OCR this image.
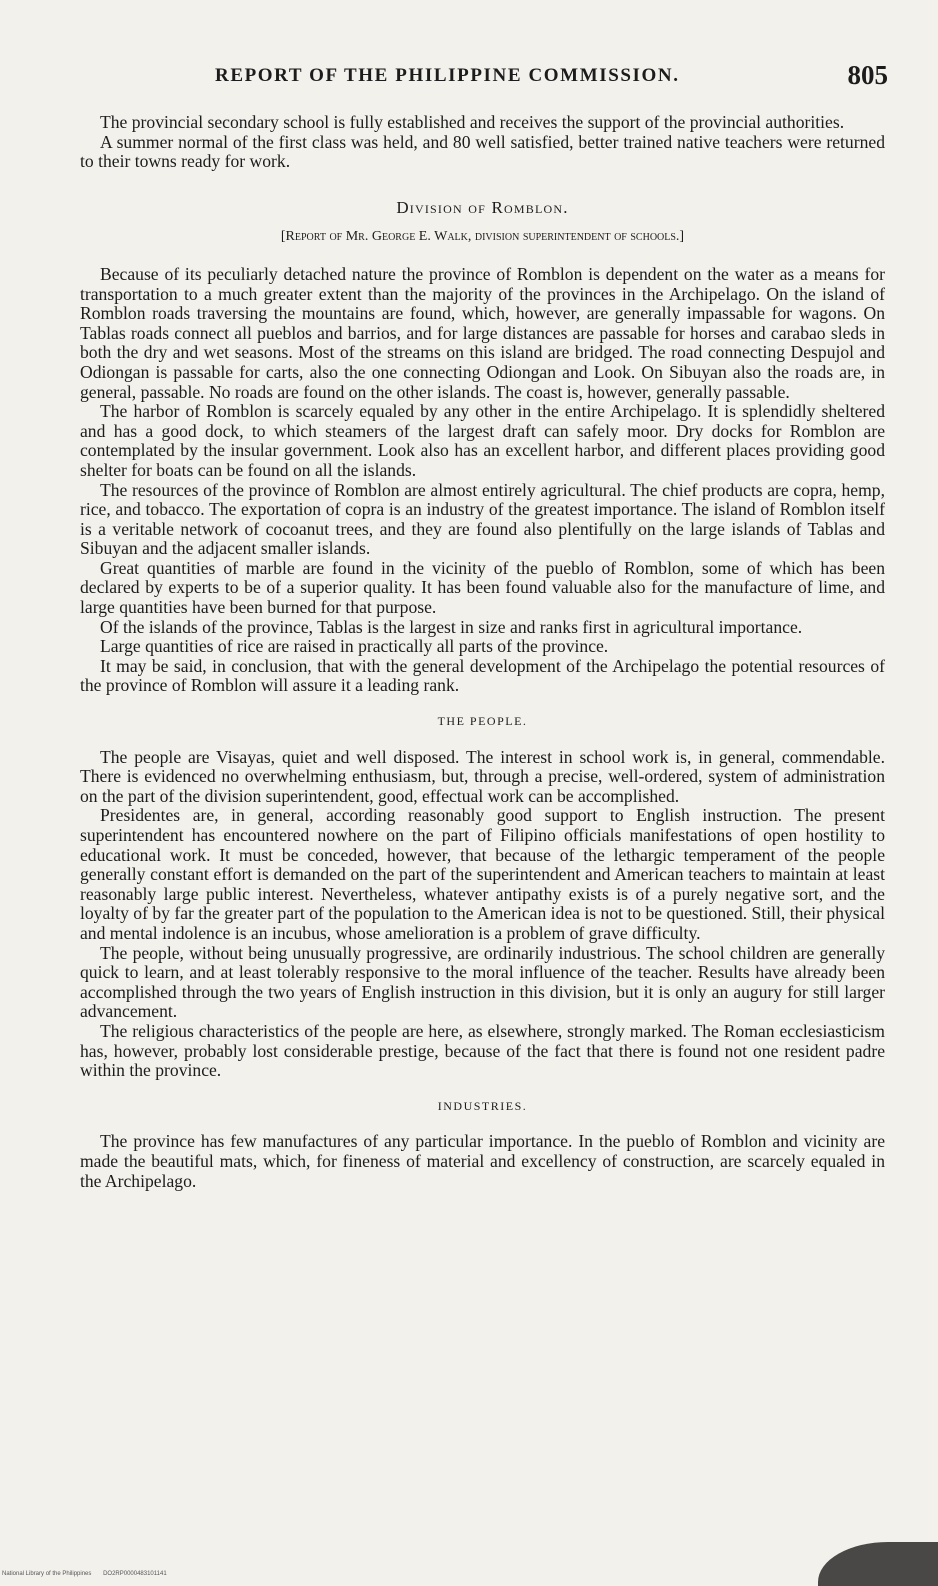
REPORT OF THE PHILIPPINE COMMISSION.	805

The provincial secondary school is fully established and receives the support of the provincial authorities.

A summer normal of the first class was held, and 80 well satisfied, better trained native teachers were returned to their towns ready for work.

Division of Romblon.

[Report of Mr. George E. Walk, division superintendent of schools.]

Because of its peculiarly detached nature the province of Romblon is dependent on the water as a means for transportation to a much greater extent than the majority of the provinces in the Archipelago. On the island of Romblon roads traversing the mountains are found, which, however, are generally impassable for wagons. On Tablas roads connect all pueblos and barrios, and for large distances are passable for horses and carabao sleds in both the dry and wet seasons. Most of the streams on this island are bridged. The road connecting Despujol and Odiongan is passable for carts, also the one connecting Odiongan and Look. On Sibuyan also the roads are, in general, passable. No roads are found on the other islands. The coast is, however, generally passable.

The harbor of Romblon is scarcely equaled by any other in the entire Archipelago. It is splendidly sheltered and has a good dock, to which steamers of the largest draft can safely moor. Dry docks for Romblon are contemplated by the insular government. Look also has an excellent harbor, and different places providing good shelter for boats can be found on all the islands.

The resources of the province of Romblon are almost entirely agricultural. The chief products are copra, hemp, rice, and tobacco. The exportation of copra is an industry of the greatest importance. The island of Romblon itself is a veritable network of cocoanut trees, and they are found also plentifully on the large islands of Tablas and Sibuyan and the adjacent smaller islands.

Great quantities of marble are found in the vicinity of the pueblo of Romblon, some of which has been declared by experts to be of a superior quality. It has been found valuable also for the manufacture of lime, and large quantities have been burned for that purpose.

Of the islands of the province, Tablas is the largest in size and ranks first in agricultural importance.

Large quantities of rice are raised in practically all parts of the province.

It may be said, in conclusion, that with the general development of the Archipelago the potential resources of the province of Romblon will assure it a leading rank.

THE PEOPLE.

The people are Visayas, quiet and well disposed. The interest in school work is, in general, commendable. There is evidenced no overwhelming enthusiasm, but, through a precise, well-ordered, system of administration on the part of the division superintendent, good, effectual work can be accomplished.

Presidentes are, in general, according reasonably good support to English instruction. The present superintendent has encountered nowhere on the part of Filipino officials manifestations of open hostility to educational work. It must be conceded, however, that because of the lethargic temperament of the people generally constant effort is demanded on the part of the superintendent and American teachers to maintain at least reasonably large public interest. Nevertheless, whatever antipathy exists is of a purely negative sort, and the loyalty of by far the greater part of the population to the American idea is not to be questioned. Still, their physical and mental indolence is an incubus, whose amelioration is a problem of grave difficulty.

The people, without being unusually progressive, are ordinarily industrious. The school children are generally quick to learn, and at least tolerably responsive to the moral influence of the teacher. Results have already been accomplished through the two years of English instruction in this division, but it is only an augury for still larger advancement.

The religious characteristics of the people are here, as elsewhere, strongly marked. The Roman ecclesiasticism has, however, probably lost considerable prestige, because of the fact that there is found not one resident padre within the province.

INDUSTRIES.

The province has few manufactures of any particular importance. In the pueblo of Romblon and vicinity are made the beautiful mats, which, for fineness of material and excellency of construction, are scarcely equaled in the Archipelago.

National Library of the Philippines DO2RP0000483101141
